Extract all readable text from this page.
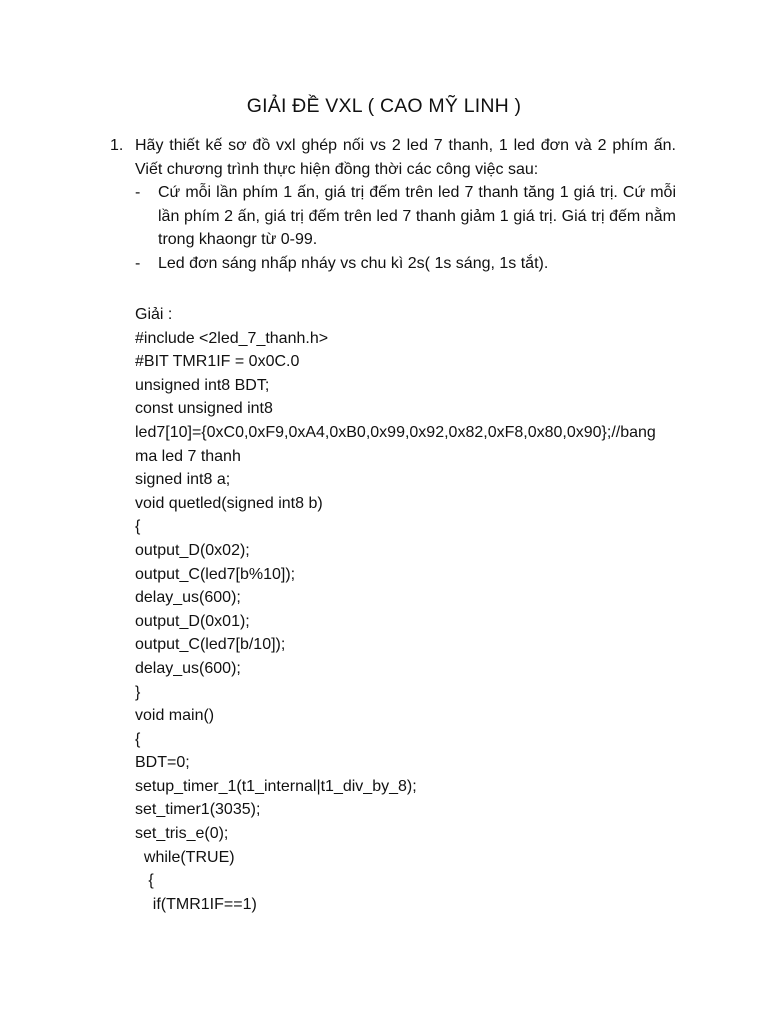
GIẢI ĐỀ VXL ( CAO MỸ LINH )
1. Hãy thiết kế sơ đồ vxl ghép nối vs 2 led 7 thanh, 1 led đơn và 2 phím ấn. Viết chương trình thực hiện đồng thời các công việc sau:
- Cứ mỗi lần phím 1 ấn, giá trị đếm trên led 7 thanh tăng 1 giá trị. Cứ mỗi lần phím 2 ấn, giá trị đếm trên led 7 thanh giảm 1 giá trị. Giá trị đếm nằm trong khaongr từ 0-99.
- Led đơn sáng nhấp nháy vs chu kì 2s( 1s sáng, 1s tắt).
Giải :
#include <2led_7_thanh.h>
#BIT TMR1IF = 0x0C.0
unsigned int8 BDT;
const unsigned int8
led7[10]={0xC0,0xF9,0xA4,0xB0,0x99,0x92,0x82,0xF8,0x80,0x90};//bang
ma led 7 thanh
signed int8 a;
void quetled(signed int8 b)
{
output_D(0x02);
output_C(led7[b%10]);
delay_us(600);
output_D(0x01);
output_C(led7[b/10]);
delay_us(600);
}
void main()
{
BDT=0;
setup_timer_1(t1_internal|t1_div_by_8);
set_timer1(3035);
set_tris_e(0);
while(TRUE)
{
if(TMR1IF==1)
